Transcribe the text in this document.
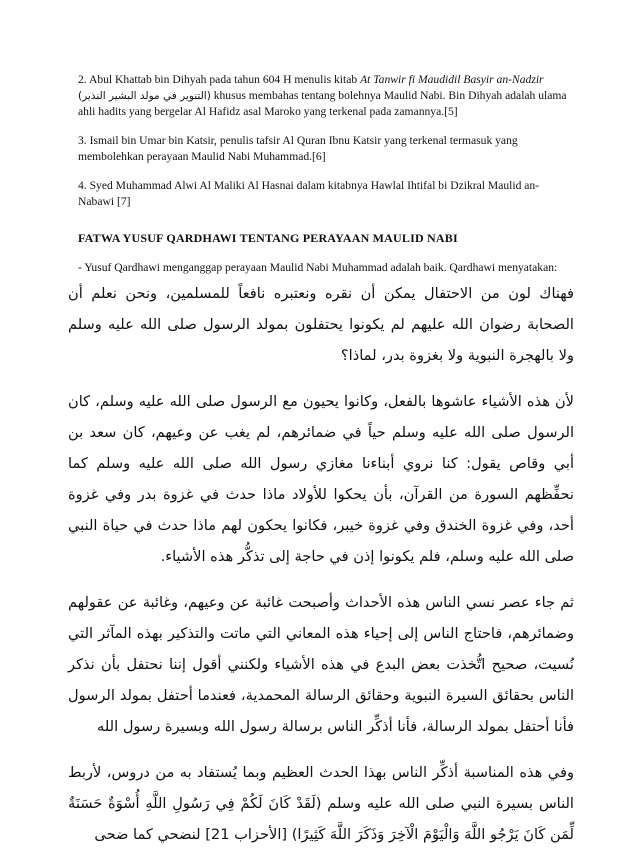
2. Abul Khattab bin Dihyah pada tahun 604 H menulis kitab At Tanwir fi Maudidil Basyir an-Nadzir (التنوير في مولد البشير النذير) khusus membahas tentang bolehnya Maulid Nabi. Bin Dihyah adalah ulama ahli hadits yang bergelar Al Hafidz asal Maroko yang terkenal pada zamannya.[5]

3. Ismail bin Umar bin Katsir, penulis tafsir Al Quran Ibnu Katsir yang terkenal termasuk yang membolehkan perayaan Maulid Nabi Muhammad.[6]

4. Syed Muhammad Alwi Al Maliki Al Hasnai dalam kitabnya Hawlal Ihtifal bi Dzikral Maulid an-Nabawi [7]

FATWA YUSUF QARDHAWI TENTANG PERAYAAN MAULID NABI

- Yusuf Qardhawi menganggap perayaan Maulid Nabi Muhammad adalah baik. Qardhawi menyatakan:

فهناك لون من الاحتفال يمكن أن نقره ونعتبره نافعاً للمسلمين، ونحن نعلم أن الصحابة رضوان الله عليهم لم يكونوا يحتفلون بمولد الرسول صلى الله عليه وسلم ولا بالهجرة النبوية ولا بغزوة بدر، لماذا؟

لأن هذه الأشياء عاشوها بالفعل، وكانوا يحيون مع الرسول صلى الله عليه وسلم، كان الرسول صلى الله عليه وسلم حياً في ضمائرهم، لم يغب عن وعيهم، كان سعد بن أبي وقاص يقول: كنا نروي أبناءنا مغازي رسول الله صلى الله عليه وسلم كما نحفِّظهم السورة من القرآن، بأن يحكوا للأولاد ماذا حدث في غزوة بدر وفي غزوة أحد، وفي غزوة الخندق وفي غزوة خيبر، فكانوا يحكون لهم ماذا حدث في حياة النبي صلى الله عليه وسلم، فلم يكونوا إذن في حاجة إلى تذكُّر هذه الأشياء.

ثم جاء عصر نسي الناس هذه الأحداث وأصبحت غائبة عن وعيهم، وغائبة عن عقولهم وضمائرهم، فاحتاج الناس إلى إحياء هذه المعاني التي ماتت والتذكير بهذه المآثر التي نُسيت، صحيح اتُّخذت بعض البدع في هذه الأشياء ولكنني أقول إننا نحتفل بأن نذكر الناس بحقائق السيرة النبوية وحقائق الرسالة المحمدية، فعندما أحتفل بمولد الرسول فأنا أحتفل بمولد الرسالة، فأنا أذكِّر الناس برسالة رسول الله وبسيرة رسول الله

وفي هذه المناسبة أذكِّر الناس بهذا الحدث العظيم وبما يُستفاد به من دروس، لأربط الناس بسيرة النبي صلى الله عليه وسلم (لَقَدْ كَانَ لَكُمْ فِي رَسُولِ اللَّهِ أُسْوَةٌ حَسَنَةٌ لِّمَن كَانَ يَرْجُو اللَّهَ وَالْيَوْمَ الْآخِرَ وَذَكَرَ اللَّهَ كَثِيرًا) [الأحزاب 21] لنضحي كما ضحى
